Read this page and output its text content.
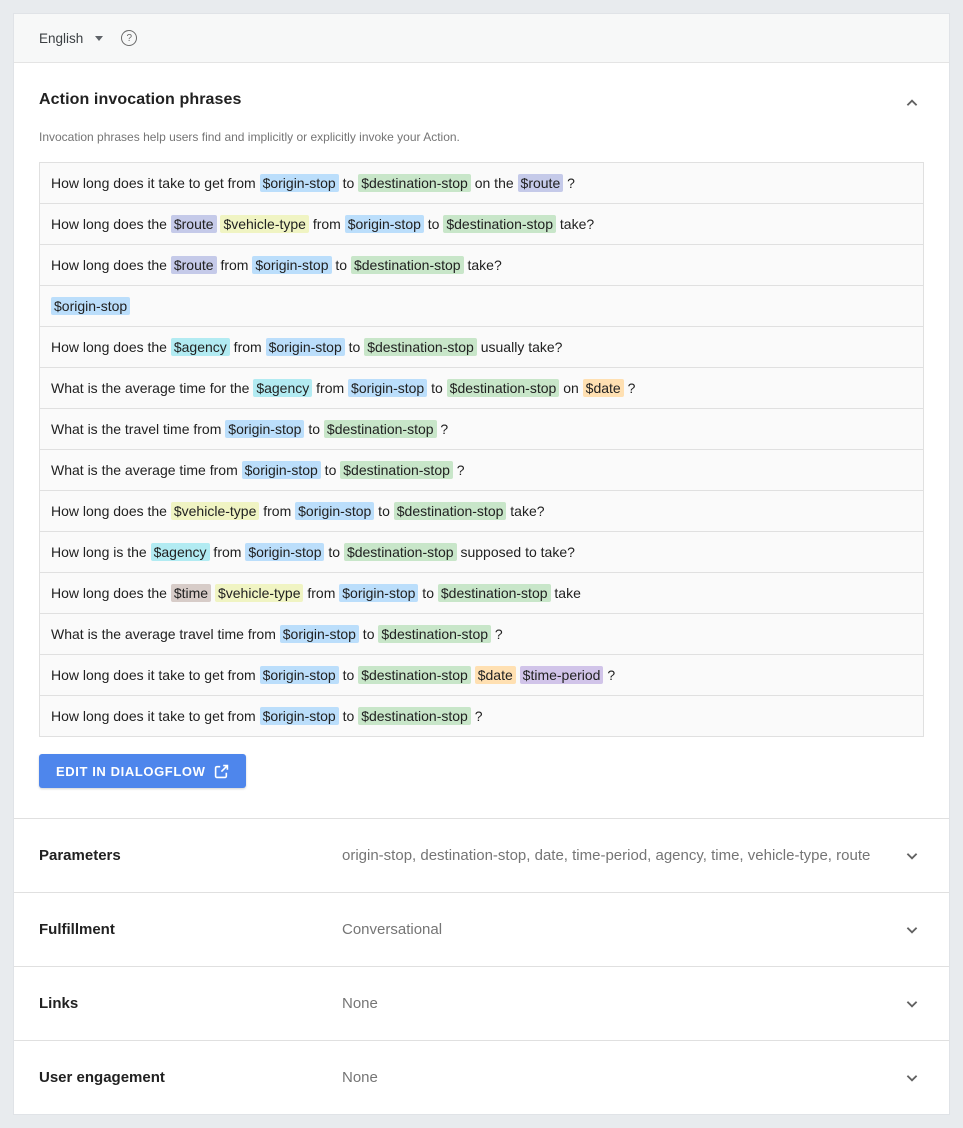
English	?
Action invocation phrases
Invocation phrases help users find and implicitly or explicitly invoke your Action.
How long does it take to get from $origin-stop to $destination-stop on the $route ?
How long does the $route $vehicle-type from $origin-stop to $destination-stop take?
How long does the $route from $origin-stop to $destination-stop take?
$origin-stop
How long does the $agency from $origin-stop to $destination-stop usually take?
What is the average time for the $agency from $origin-stop to $destination-stop on $date ?
What is the travel time from $origin-stop to $destination-stop ?
What is the average time from $origin-stop to $destination-stop ?
How long does the $vehicle-type from $origin-stop to $destination-stop take?
How long is the $agency from $origin-stop to $destination-stop supposed to take?
How long does the $time $vehicle-type from $origin-stop to $destination-stop take
What is the average travel time from $origin-stop to $destination-stop ?
How long does it take to get from $origin-stop to $destination-stop $date $time-period ?
How long does it take to get from $origin-stop to $destination-stop ?
EDIT IN DIALOGFLOW
Parameters	origin-stop, destination-stop, date, time-period, agency, time, vehicle-type, route
Fulfillment	Conversational
Links	None
User engagement	None
